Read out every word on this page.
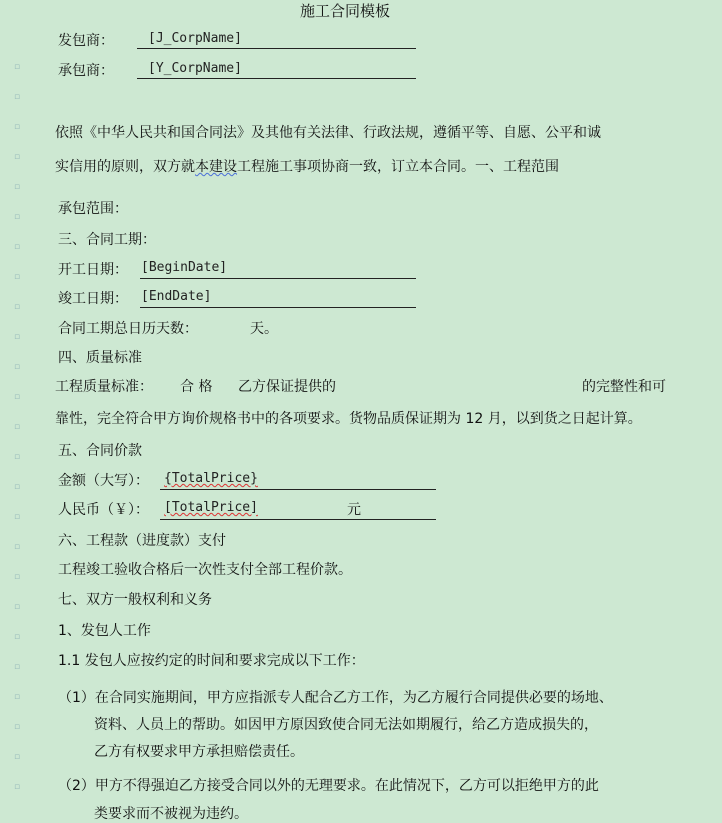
▫
▫
▫
▫
▫
▫
▫
▫
▫
▫
▫
▫
▫
▫
▫
▫
▫
▫
▫
▫
▫
▫
▫
▫
▫
施工合同模板
发包商：	[J_CorpName]
承包商：	[Y_CorpName]
依照《中华人民共和国合同法》及其他有关法律、行政法规，遵循平等、自愿、公平和诚
实信用的原则，双方就本建设工程施工事项协商一致，订立本合同。一、工程范围
承包范围：
三、合同工期：
开工日期： [BeginDate]
竣工日期： [EndDate]
合同工期总日历天数：	天。
四、质量标准
工程质量标准： 合 格 乙方保证提供的	的完整性和可
靠性，完全符合甲方询价规格书中的各项要求。货物品质保证期为 12 月，以到货之日起计算。
五、合同价款
金额（大写）： {TotalPrice}
人民币（￥）： [TotalPrice]	元
六、工程款（进度款）支付
工程竣工验收合格后一次性支付全部工程价款。
七、双方一般权利和义务
1、发包人工作
1.1 发包人应按约定的时间和要求完成以下工作：
（1）在合同实施期间，甲方应指派专人配合乙方工作，为乙方履行合同提供必要的场地、
资料、人员上的帮助。如因甲方原因致使合同无法如期履行，给乙方造成损失的，
乙方有权要求甲方承担赔偿责任。
（2）甲方不得强迫乙方接受合同以外的无理要求。在此情况下，乙方可以拒绝甲方的此
类要求而不被视为违约。
